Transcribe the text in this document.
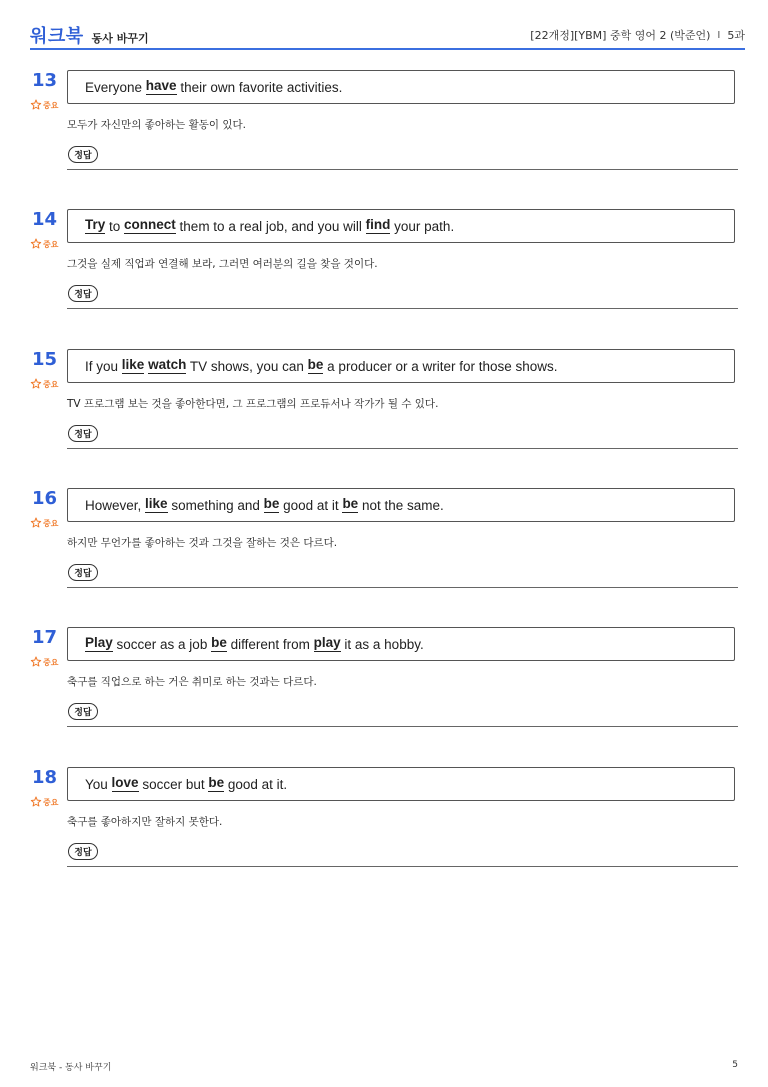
워크북 동사 바꾸기	[22개정][YBM] 중학 영어 2 (박준언) I 5과
13
중요
Everyone have their own favorite activities.
모두가 자신만의 좋아하는 활동이 있다.
정답
14
중요
Try to connect them to a real job, and you will find your path.
그것을 실제 직업과 연결해 보라, 그러면 여러분의 길을 찾을 것이다.
정답
15
중요
If you like
watch TV shows, you can be a producer or a writer for those shows.
TV 프로그램 보는 것을 좋아한다면, 그 프로그램의 프로듀서나 작가가 될 수 있다.
정답
16
중요
However, like something and be good at it be not the same.
하지만 무언가를 좋아하는 것과 그것을 잘하는 것은 다르다.
정답
17
중요
Play soccer as a job be different from play it as a hobby.
축구를 직업으로 하는 거은 취미로 하는 것과는 다르다.
정답
18
중요
You love soccer but be good at it.
축구를 좋아하지만 잘하지 못한다.
정답
워크북 - 동사 바꾸기	5
